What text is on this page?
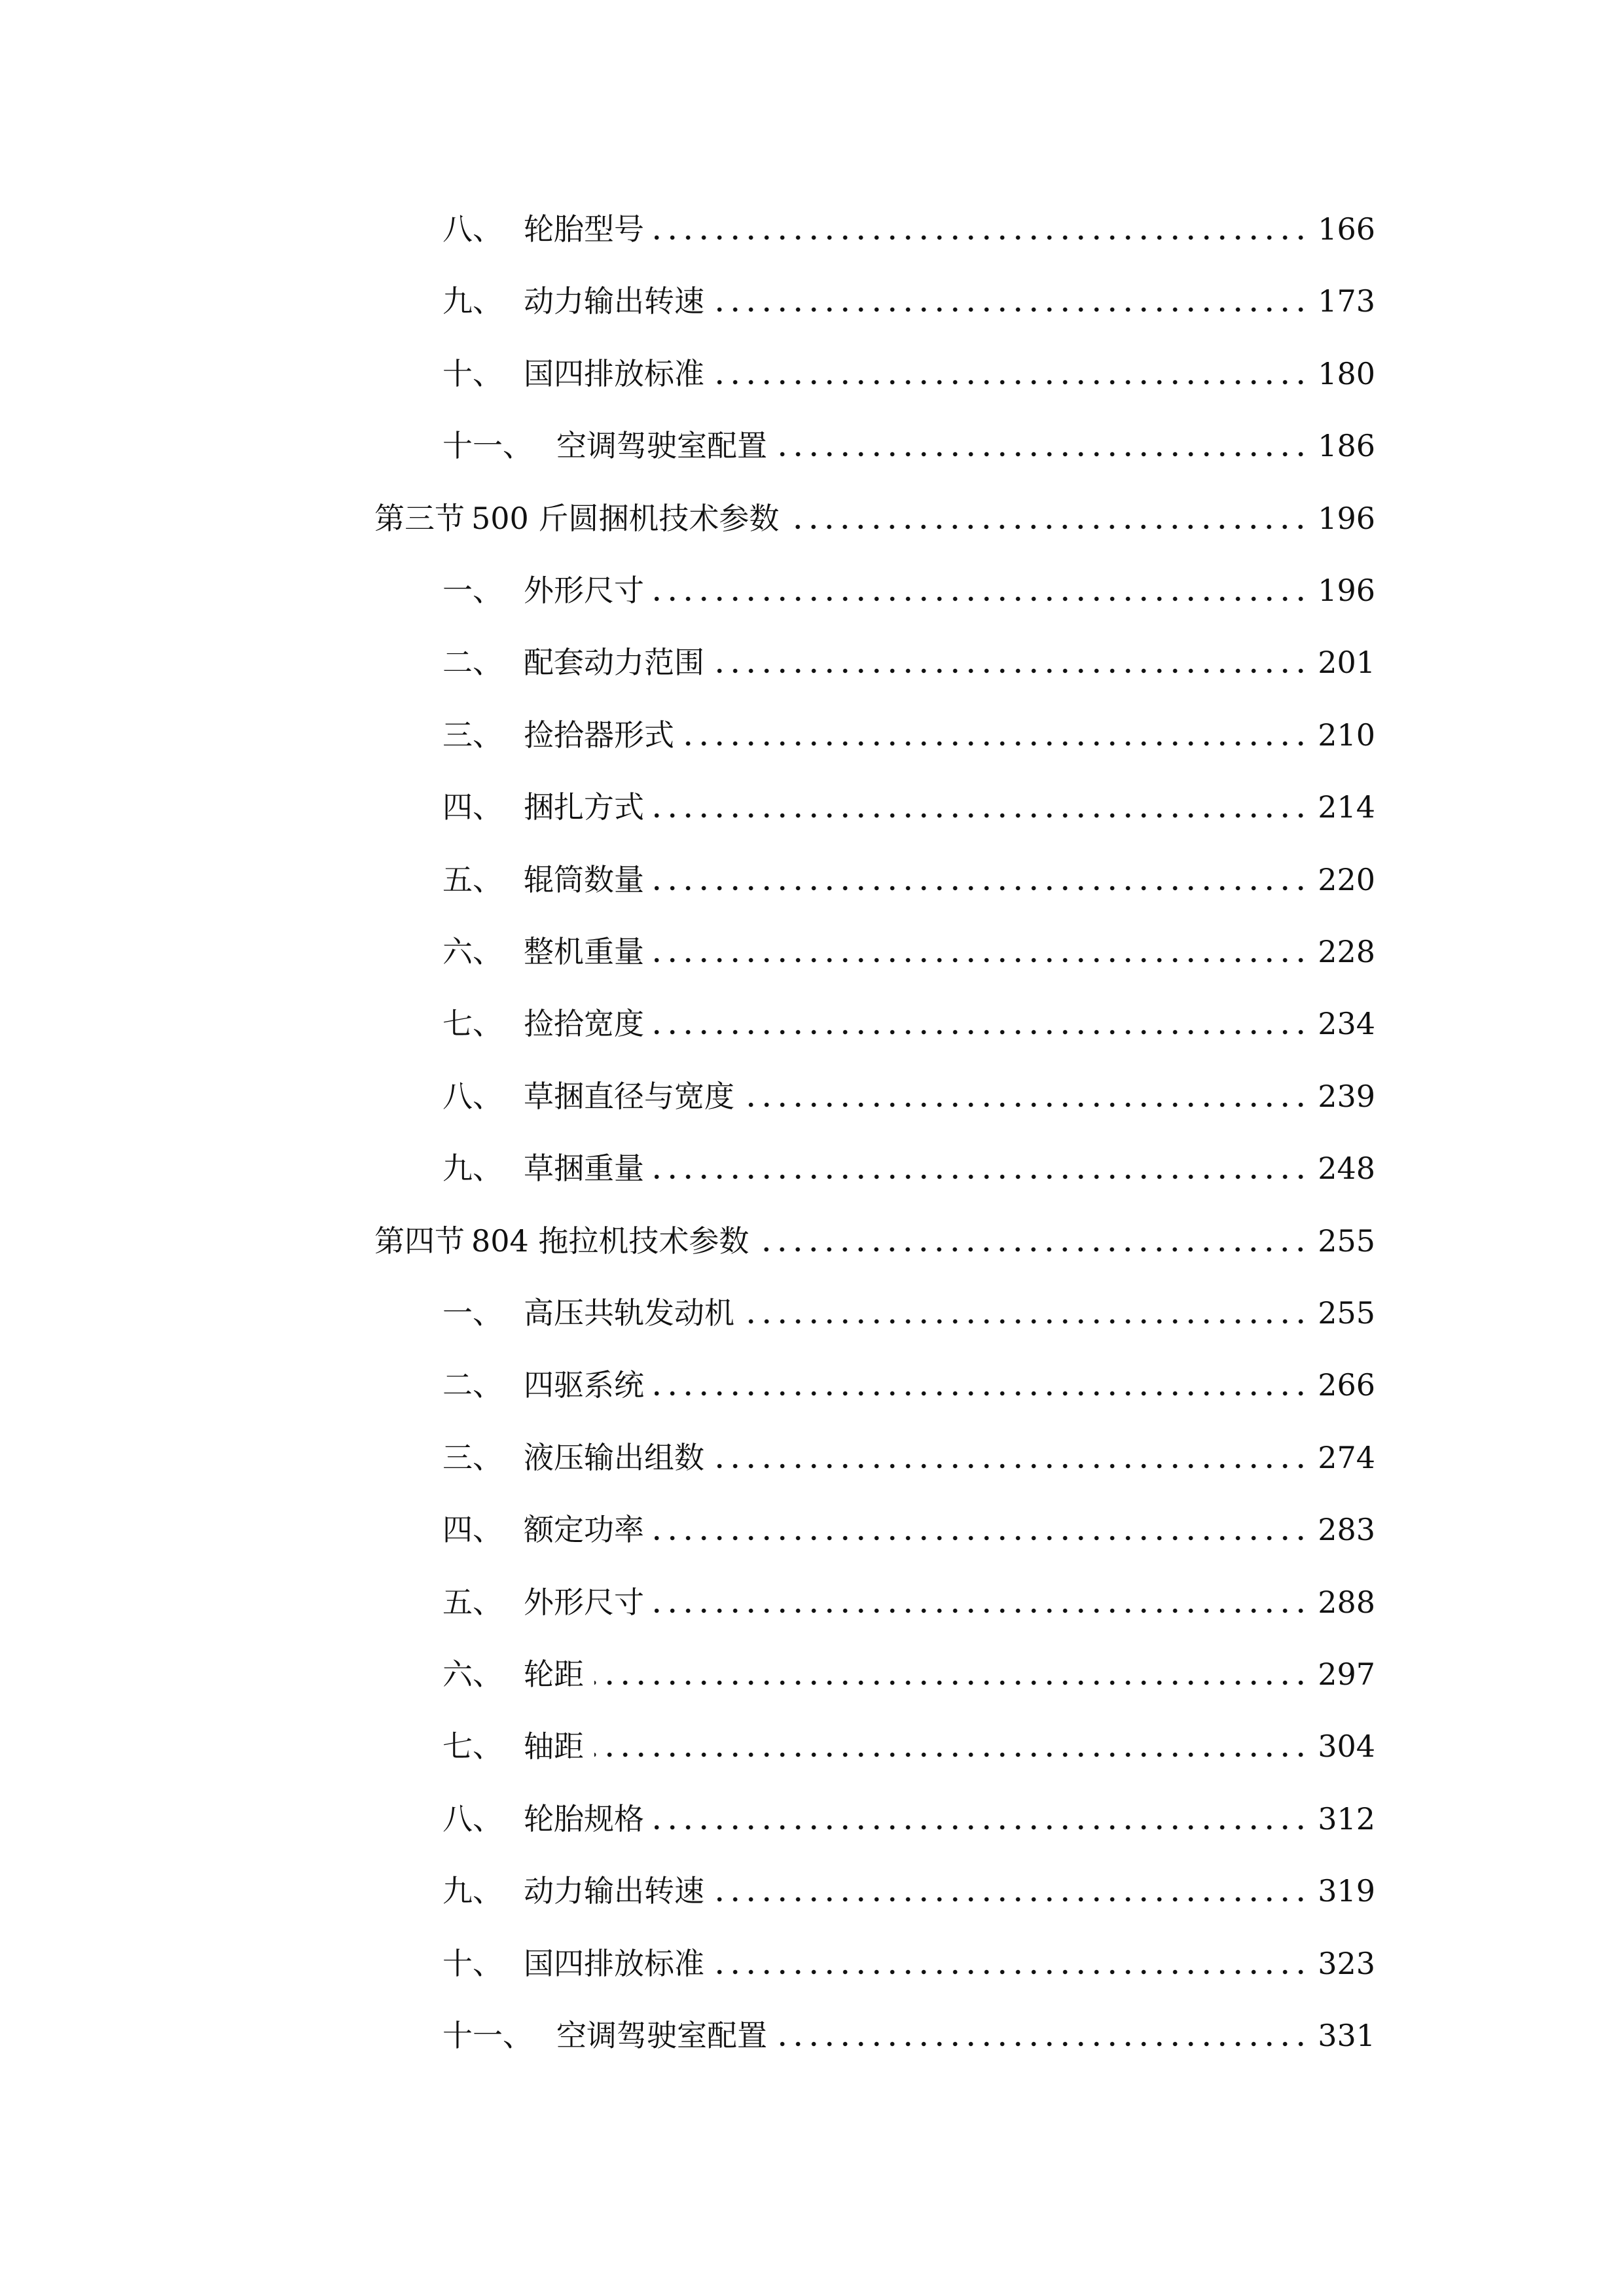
八、 轮胎型号	166
九、 动力输出转速	173
十、 国四排放标准	180
十一、 空调驾驶室配置	186
第三节 500 斤圆捆机技术参数	196
一、 外形尺寸	196
二、 配套动力范围	201
三、 捡拾器形式	210
四、 捆扎方式	214
五、 辊筒数量	220
六、 整机重量	228
七、 捡拾宽度	234
八、 草捆直径与宽度	239
九、 草捆重量	248
第四节 804 拖拉机技术参数	255
一、 高压共轨发动机	255
二、 四驱系统	266
三、 液压输出组数	274
四、 额定功率	283
五、 外形尺寸	288
六、 轮距	297
七、 轴距	304
八、 轮胎规格	312
九、 动力输出转速	319
十、 国四排放标准	323
十一、 空调驾驶室配置	331
